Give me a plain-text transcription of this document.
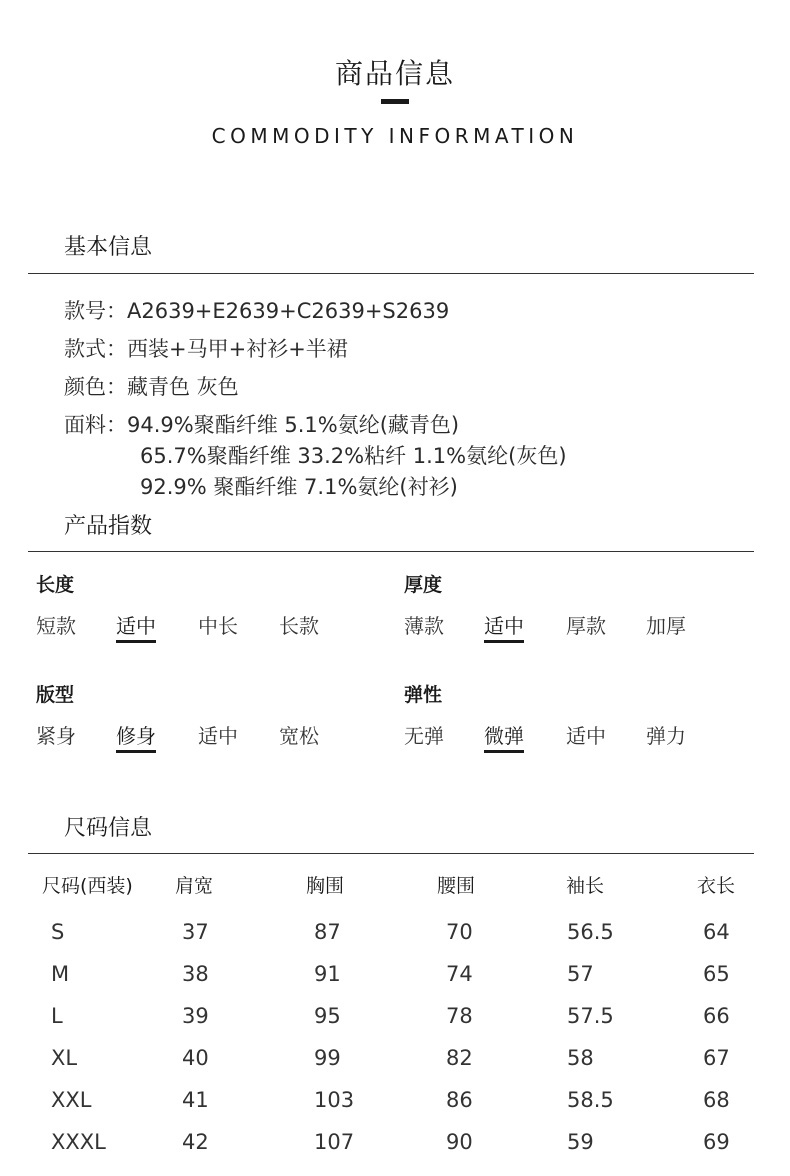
商品信息
COMMODITY INFORMATION
基本信息
款号：A2639+E2639+C2639+S2639
款式：西装+马甲+衬衫+半裙
颜色：藏青色 灰色
面料：94.9%聚酯纤维 5.1%氨纶(藏青色)
65.7%聚酯纤维 33.2%粘纤 1.1%氨纶(灰色)
92.9% 聚酯纤维 7.1%氨纶(衬衫)
产品指数
长度
短款 适中 中长 长款
厚度
薄款 适中 厚款 加厚
版型
紧身 修身 适中 宽松
弹性
无弹 微弹 适中 弹力
尺码信息
尺码(西装) 肩宽	胸围	腰围	袖长	衣长
S	37	87	70	56.5	64
M	38	91	74	57	65
L	39	95	78	57.5	66
XL	40	99	82	58	67
XXL	41	103	86	58.5	68
XXXL	42	107	90	59	69
